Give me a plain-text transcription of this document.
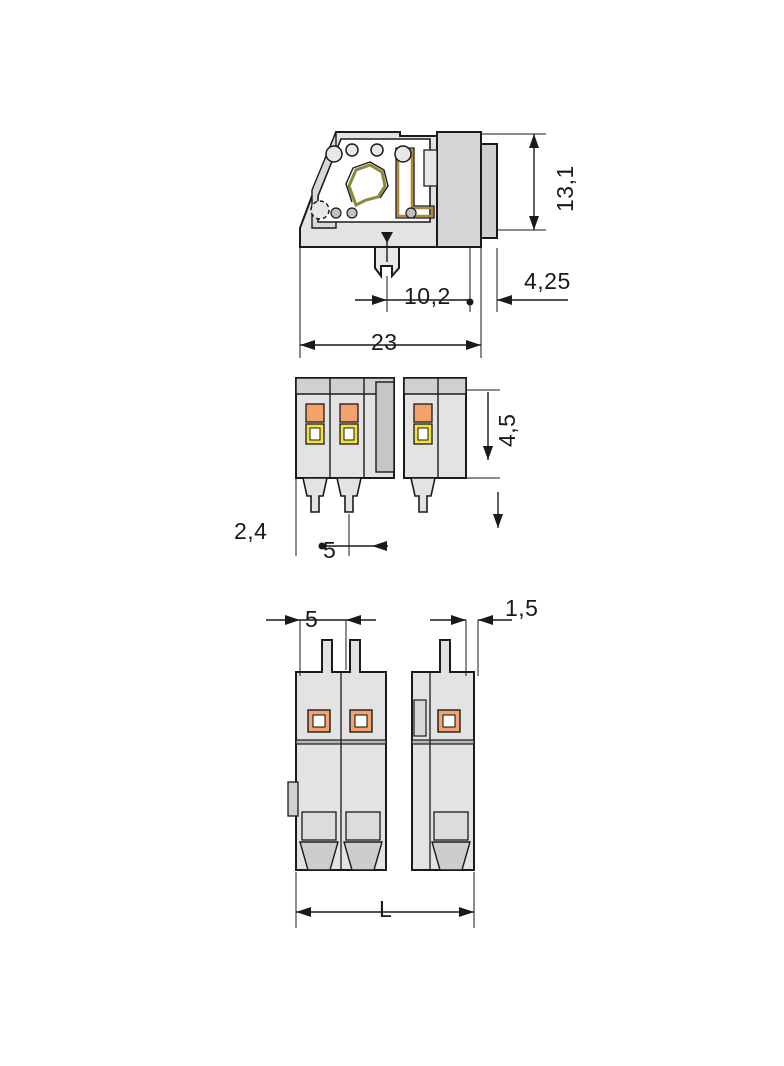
13,1
4,25
10,2
23
4,5
2,4
5
5	1,5
L
